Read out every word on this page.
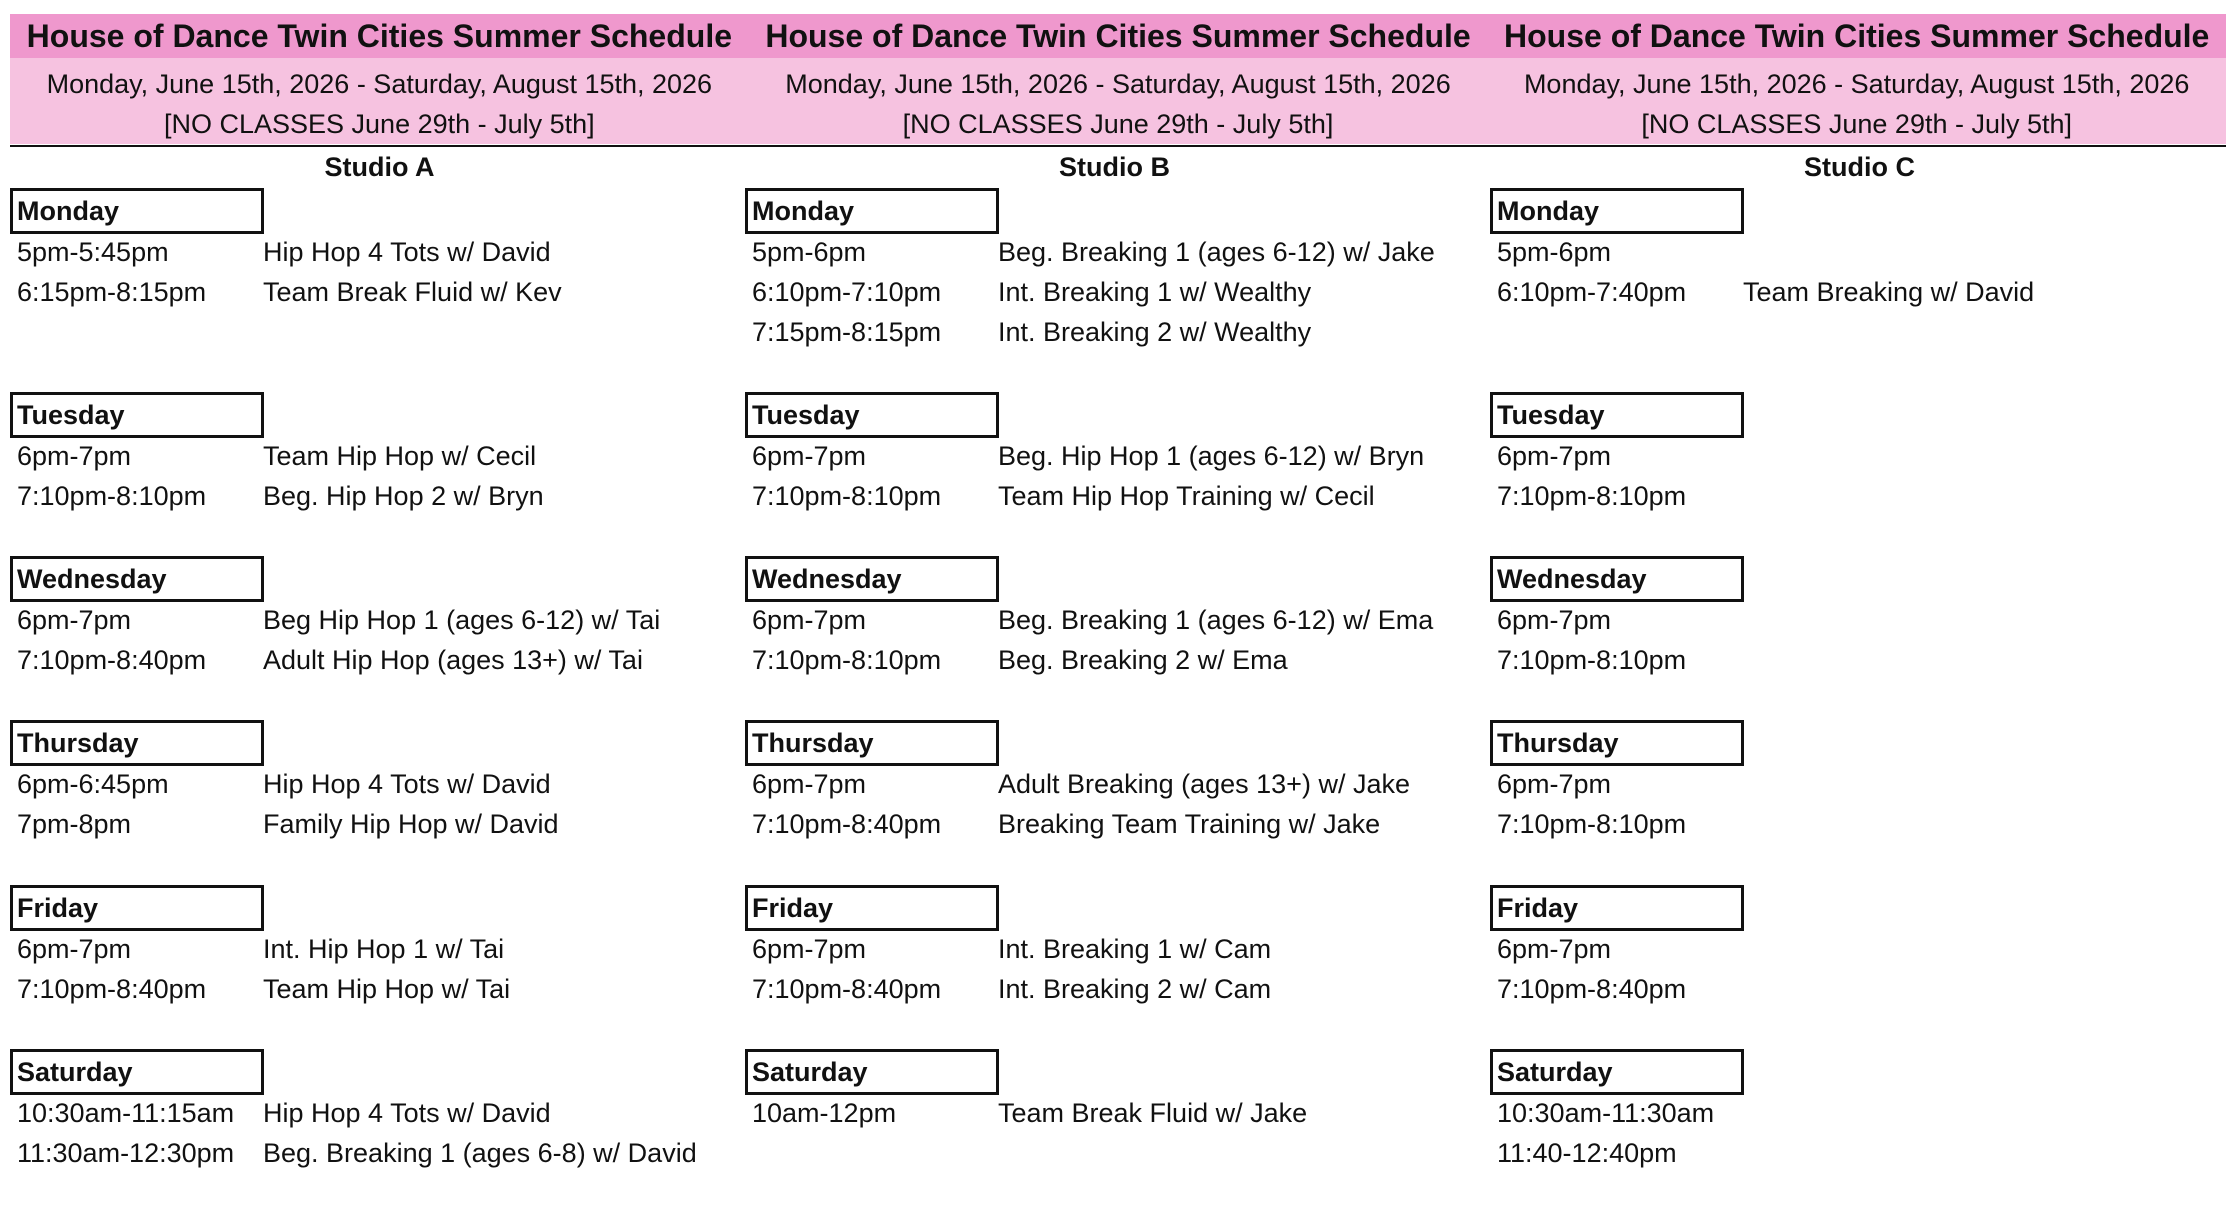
House of Dance Twin Cities Summer Schedule
Monday, June 15th, 2026 - Saturday, August 15th, 2026
[NO CLASSES June 29th - July 5th]
House of Dance Twin Cities Summer Schedule
Monday, June 15th, 2026 - Saturday, August 15th, 2026
[NO CLASSES June 29th - July 5th]
House of Dance Twin Cities Summer Schedule
Monday, June 15th, 2026 - Saturday, August 15th, 2026
[NO CLASSES June 29th - July 5th]
Studio A
Monday
5pm-5:45pm	Hip Hop 4 Tots w/ David
6:15pm-8:15pm Team Break Fluid w/ Kev
Tuesday
6pm-7pm	Team Hip Hop w/ Cecil
7:10pm-8:10pm Beg. Hip Hop 2 w/ Bryn
Wednesday
6pm-7pm	Beg Hip Hop 1 (ages 6-12) w/ Tai
7:10pm-8:40pm Adult Hip Hop (ages 13+) w/ Tai
Thursday
6pm-6:45pm	Hip Hop 4 Tots w/ David
7pm-8pm	Family Hip Hop w/ David
Friday
6pm-7pm	Int. Hip Hop 1 w/ Tai
7:10pm-8:40pm Team Hip Hop w/ Tai
Saturday
10:30am-11:15am Hip Hop 4 Tots w/ David
11:30am-12:30pm Beg. Breaking 1 (ages 6-8) w/ David
Studio B
Monday
5pm-6pm	Beg. Breaking 1 (ages 6-12) w/ Jake
6:10pm-7:10pm Int. Breaking 1 w/ Wealthy
7:15pm-8:15pm Int. Breaking 2 w/ Wealthy
Tuesday
6pm-7pm	Beg. Hip Hop 1 (ages 6-12) w/ Bryn
7:10pm-8:10pm Team Hip Hop Training w/ Cecil
Wednesday
6pm-7pm	Beg. Breaking 1 (ages 6-12) w/ Ema
7:10pm-8:10pm Beg. Breaking 2 w/ Ema
Thursday
6pm-7pm	Adult Breaking (ages 13+) w/ Jake
7:10pm-8:40pm Breaking Team Training w/ Jake
Friday
6pm-7pm	Int. Breaking 1 w/ Cam
7:10pm-8:40pm Int. Breaking 2 w/ Cam
Saturday
10am-12pm	Team Break Fluid w/ Jake
Studio C
Monday
5pm-6pm
6:10pm-7:40pm Team Breaking w/ David
Tuesday
6pm-7pm
7:10pm-8:10pm
Wednesday
6pm-7pm
7:10pm-8:10pm
Thursday
6pm-7pm
7:10pm-8:10pm
Friday
6pm-7pm
7:10pm-8:40pm
Saturday
10:30am-11:30am
11:40-12:40pm
